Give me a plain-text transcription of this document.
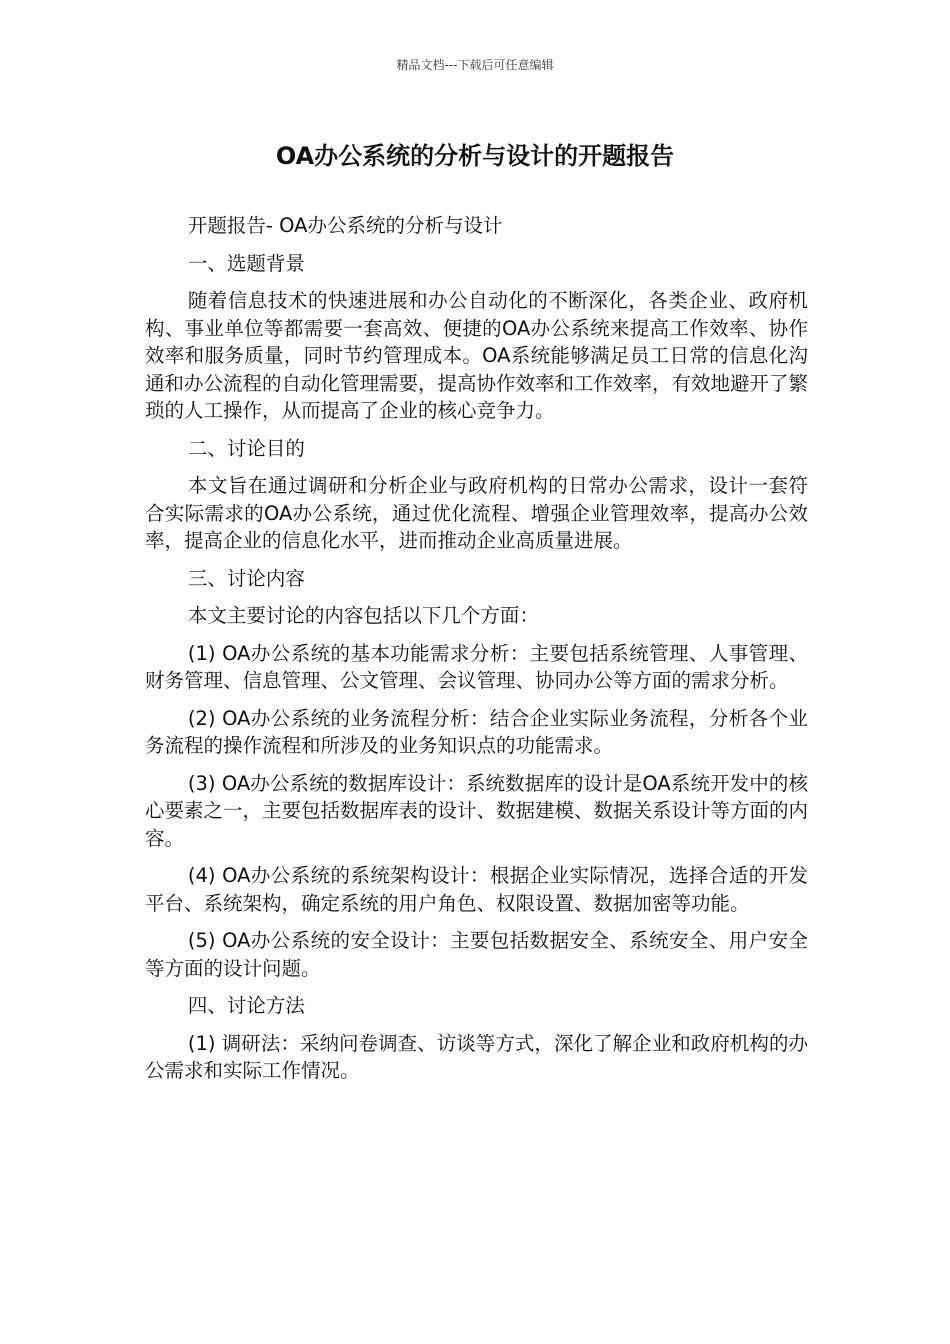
精品文档---下载后可任意编辑
OA办公系统的分析与设计的开题报告

开题报告- OA办公系统的分析与设计

一、选题背景

随着信息技术的快速进展和办公自动化的不断深化，各类企业、政府机构、事业单位等都需要一套高效、便捷的OA办公系统来提高工作效率、协作效率和服务质量，同时节约管理成本。OA系统能够满足员工日常的信息化沟通和办公流程的自动化管理需要，提高协作效率和工作效率，有效地避开了繁琐的人工操作，从而提高了企业的核心竞争力。

二、讨论目的

本文旨在通过调研和分析企业与政府机构的日常办公需求，设计一套符合实际需求的OA办公系统，通过优化流程、增强企业管理效率，提高办公效率，提高企业的信息化水平，进而推动企业高质量进展。

三、讨论内容

本文主要讨论的内容包括以下几个方面：

(1) OA办公系统的基本功能需求分析：主要包括系统管理、人事管理、财务管理、信息管理、公文管理、会议管理、协同办公等方面的需求分析。

(2) OA办公系统的业务流程分析：结合企业实际业务流程，分析各个业务流程的操作流程和所涉及的业务知识点的功能需求。

(3) OA办公系统的数据库设计：系统数据库的设计是OA系统开发中的核心要素之一，主要包括数据库表的设计、数据建模、数据关系设计等方面的内容。

(4) OA办公系统的系统架构设计：根据企业实际情况，选择合适的开发平台、系统架构，确定系统的用户角色、权限设置、数据加密等功能。

(5) OA办公系统的安全设计：主要包括数据安全、系统安全、用户安全等方面的设计问题。

四、讨论方法

(1) 调研法：采纳问卷调查、访谈等方式，深化了解企业和政府机构的办公需求和实际工作情况。
